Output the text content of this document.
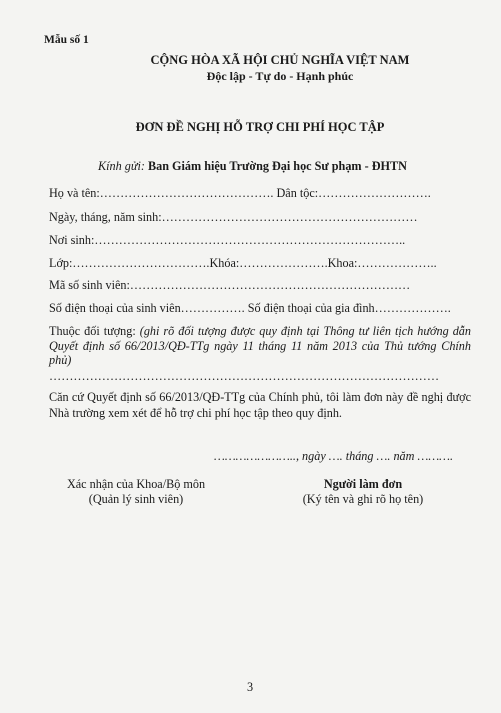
Mẫu số 1
CỘNG HÒA XÃ HỘI CHỦ NGHĨA VIỆT NAM
Độc lập - Tự do - Hạnh phúc
ĐƠN ĐỀ NGHỊ HỖ TRỢ CHI PHÍ HỌC TẬP
Kính gửi: Ban Giám hiệu Trường Đại học Sư phạm - ĐHTN
Họ và tên:……………………………………. Dân tộc:……………………….
Ngày, tháng, năm sinh:………………………………………………………
Nơi sinh:…………………………………………………………………..
Lớp:…………………………….Khóa:………………….Khoa:………………..
Mã số sinh viên:……………………………………………………………
Số điện thoại của sinh viên……………. Số điện thoại của gia đình……………….
Thuộc đối tượng: (ghi rõ đối tượng được quy định tại Thông tư liên tịch hướng dẫn Quyết định số 66/2013/QĐ-TTg ngày 11 tháng 11 năm 2013 của Thủ tướng Chính phủ)
……………………………………………………………………………………
Căn cứ Quyết định số 66/2013/QĐ-TTg của Chính phủ, tôi làm đơn này đề nghị được Nhà trường xem xét để hỗ trợ chi phí học tập theo quy định.
………………….., ngày …. tháng …. năm ……….
Xác nhận của Khoa/Bộ môn
(Quản lý sinh viên)
Người làm đơn
(Ký tên và ghi rõ họ tên)
3
